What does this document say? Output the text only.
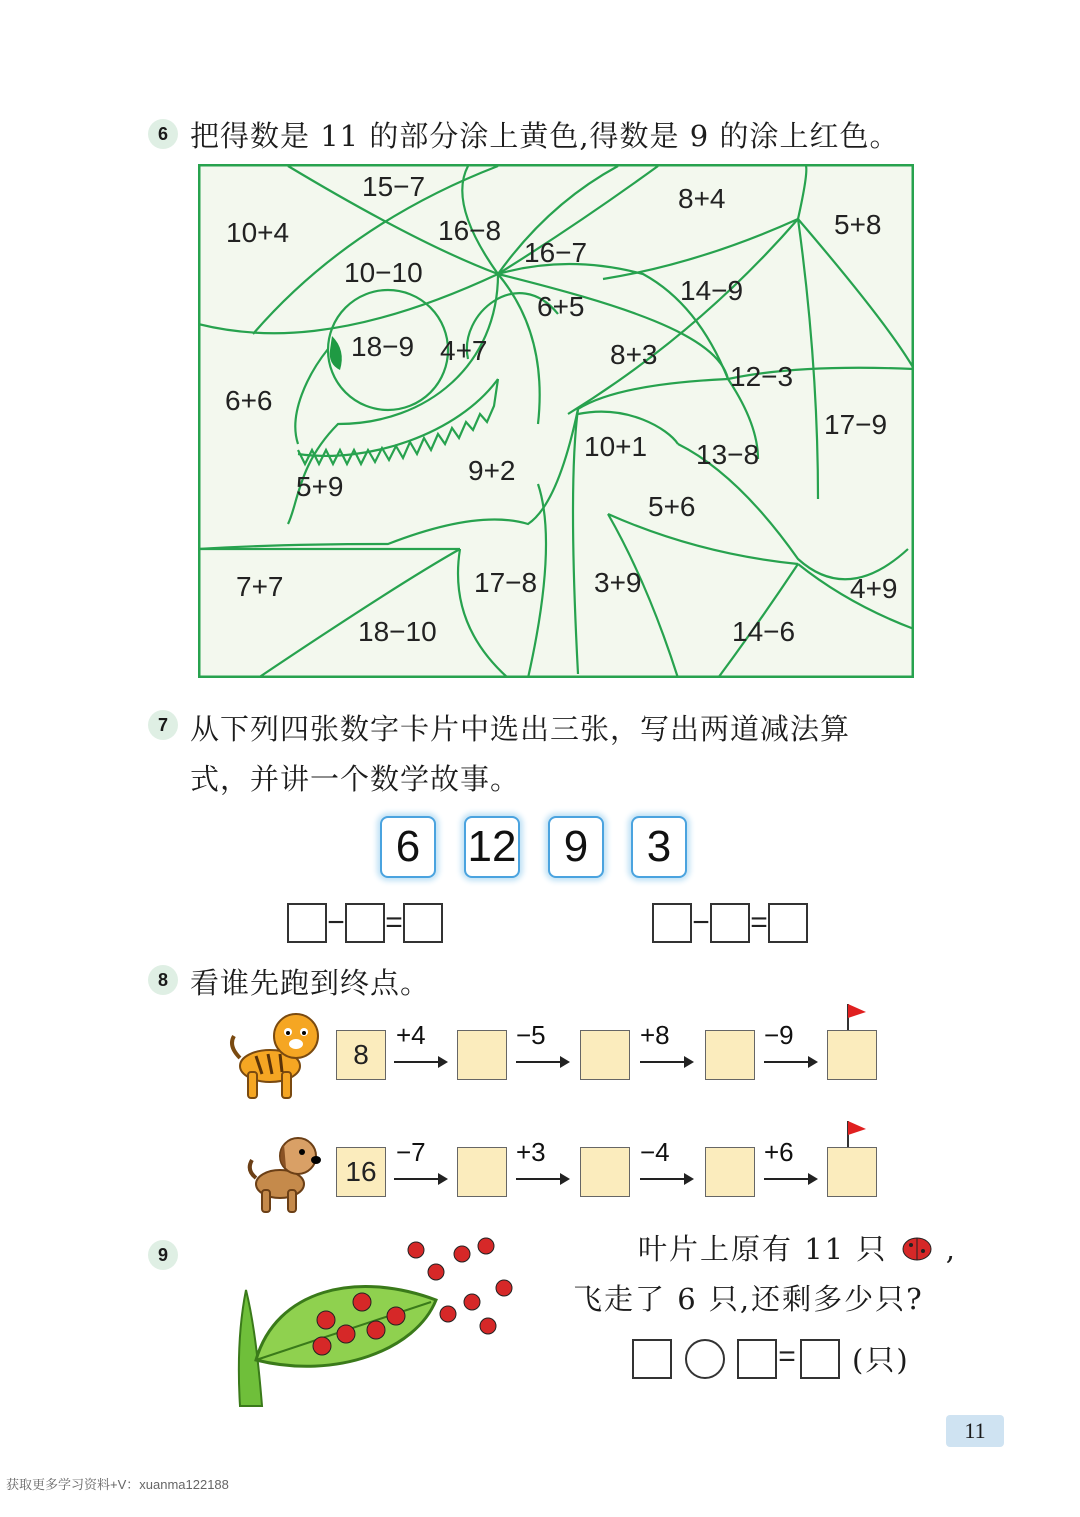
6 把得数是 11 的部分涂上黄色,得数是 9 的涂上红色。
15−7
10+4	16−8
8+4
16−7
5+8
10−10
6+5
14−9
18−9 4+7	8+3
6+6
12−3
17−9
10+1 13−8
9+2
5+9
5+6
7+7	17−8 3+9	4+9
18−10	14−6
7 从下列四张数字卡片中选出三张，写出两道减法算
式，并讲一个数学故事。
6	12	9	3
− =	− =
8 看谁先跑到终点。
8
+4	−5	+8	−9
16
−7	+3	−4	+6
9	叶片上原有 11 只 ,
飞走了 6 只,还剩多少只?
= (只)
11
获取更多学习资料+V：xuanma122188
